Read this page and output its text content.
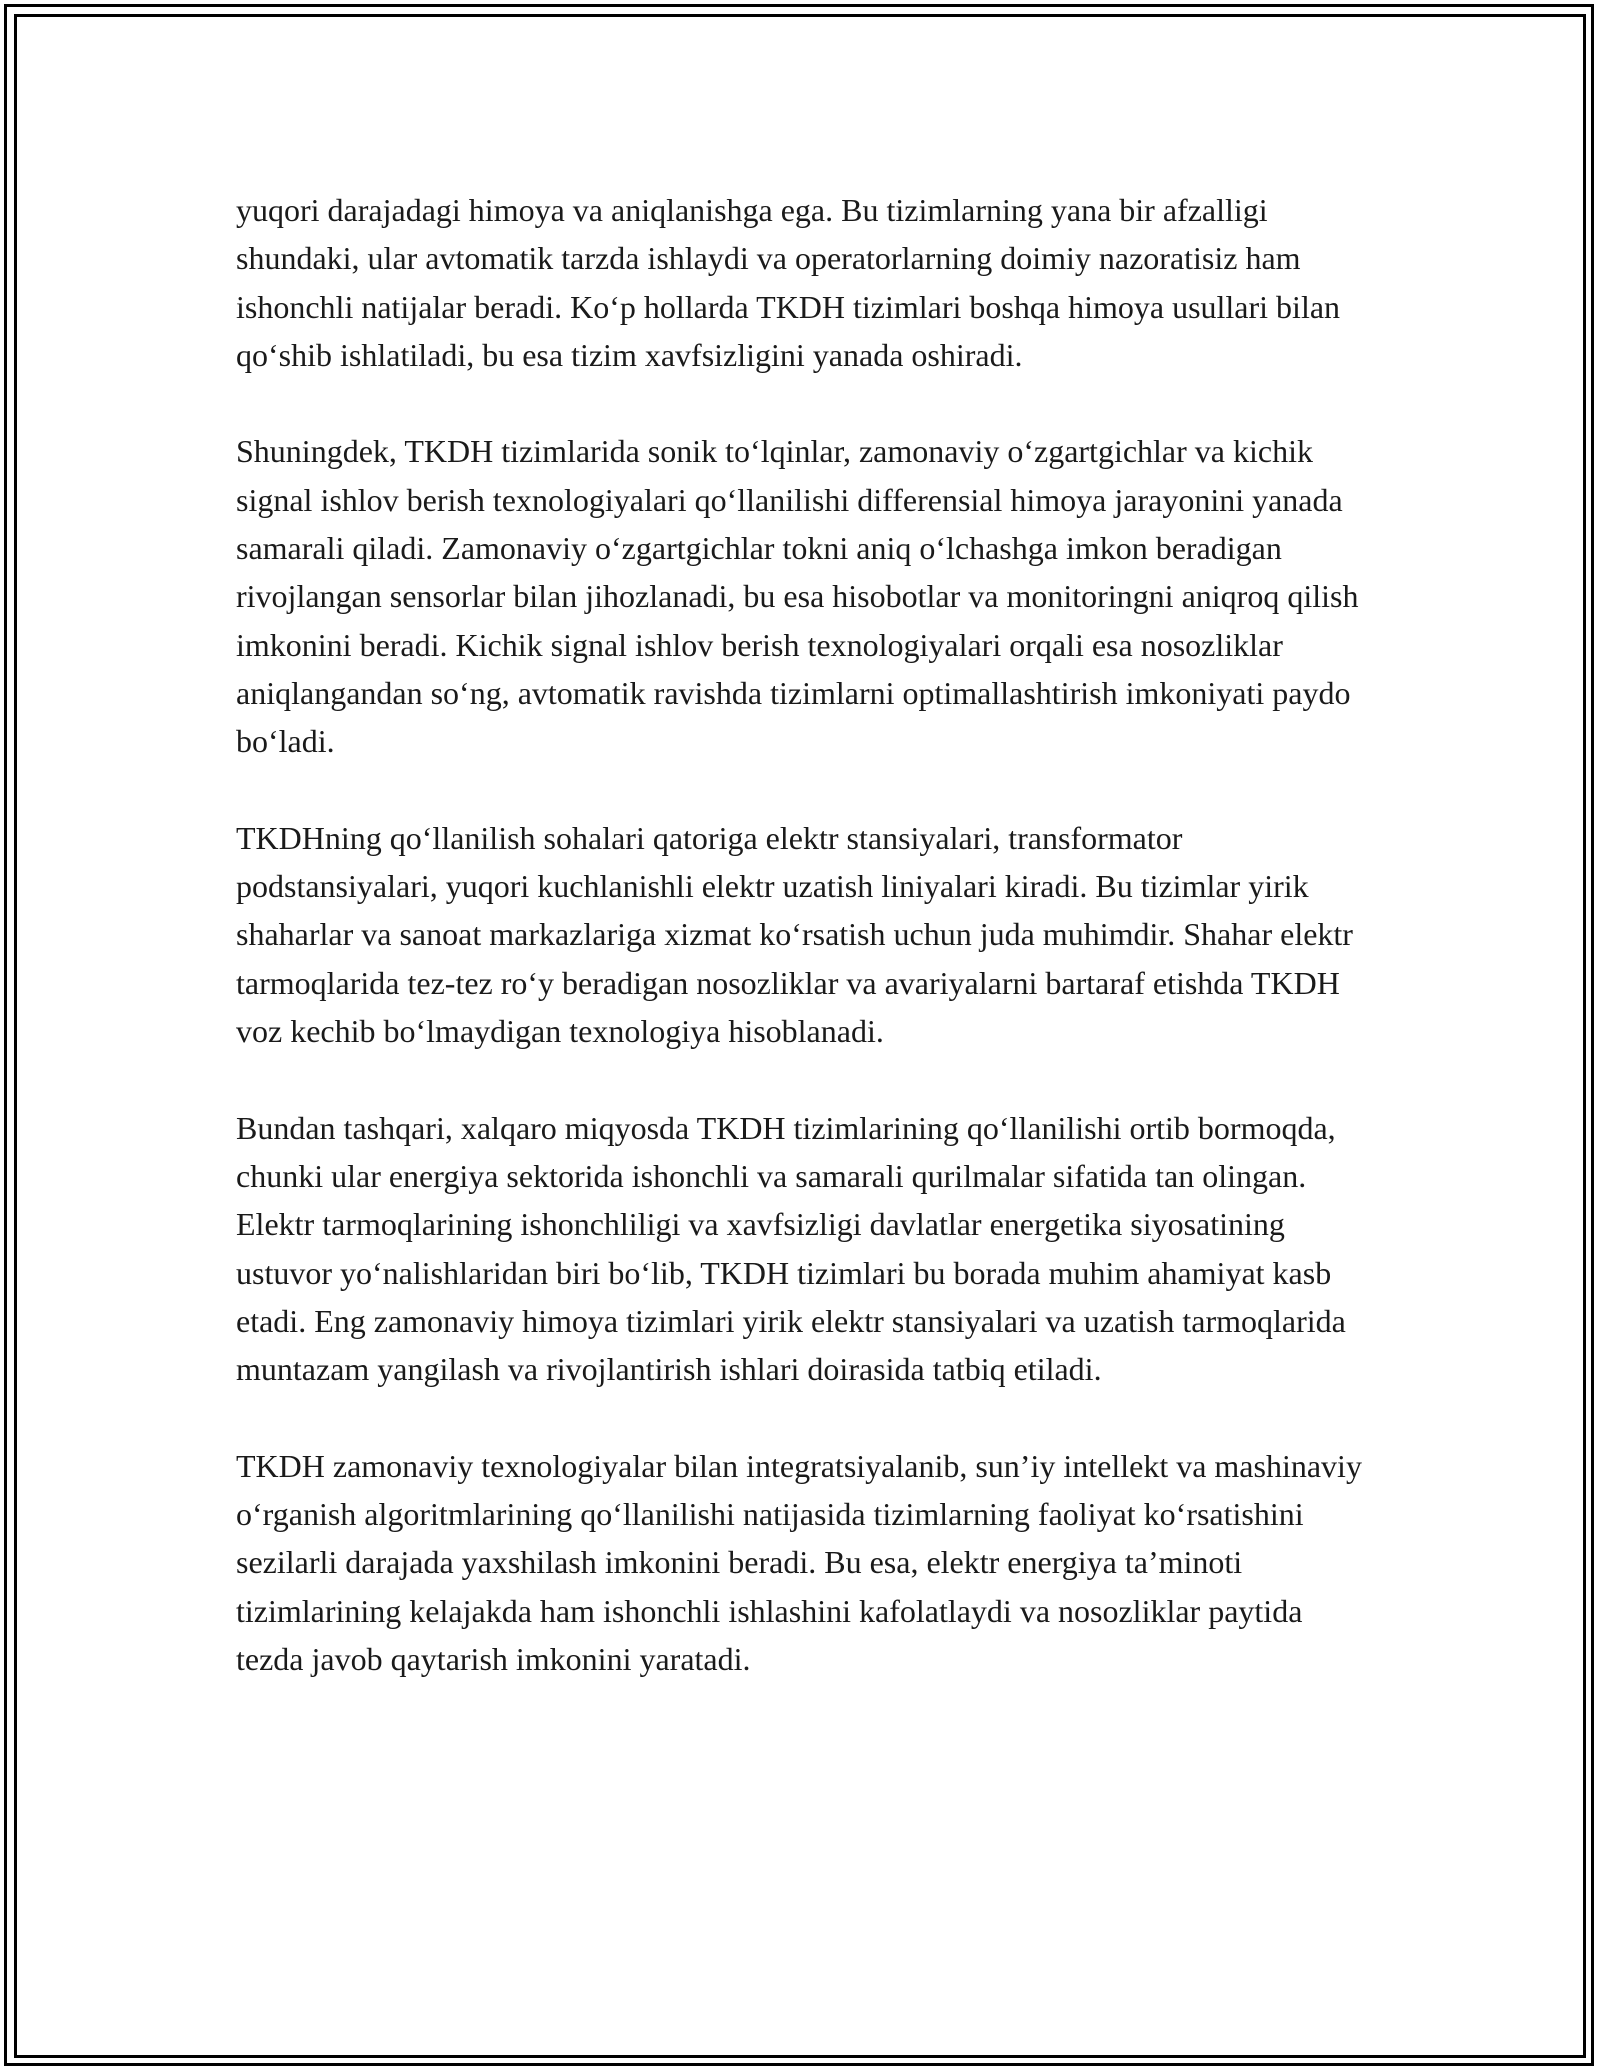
yuqori darajadagi himoya va aniqlanishga ega. Bu tizimlarning yana bir afzalligi shundaki, ular avtomatik tarzda ishlaydi va operatorlarning doimiy nazoratisiz ham ishonchli natijalar beradi. Ko‘p hollarda TKDH tizimlari boshqa himoya usullari bilan qo‘shib ishlatiladi, bu esa tizim xavfsizligini yanada oshiradi.

Shuningdek, TKDH tizimlarida sonik to‘lqinlar, zamonaviy o‘zgartgichlar va kichik signal ishlov berish texnologiyalari qo‘llanilishi differensial himoya jarayonini yanada samarali qiladi. Zamonaviy o‘zgartgichlar tokni aniq o‘lchashga imkon beradigan rivojlangan sensorlar bilan jihozlanadi, bu esa hisobotlar va monitoringni aniqroq qilish imkonini beradi. Kichik signal ishlov berish texnologiyalari orqali esa nosozliklar aniqlangandan so‘ng, avtomatik ravishda tizimlarni optimallashtirish imkoniyati paydo bo‘ladi.

TKDHning qo‘llanilish sohalari qatoriga elektr stansiyalari, transformator podstansiyalari, yuqori kuchlanishli elektr uzatish liniyalari kiradi. Bu tizimlar yirik shaharlar va sanoat markazlariga xizmat ko‘rsatish uchun juda muhimdir. Shahar elektr tarmoqlarida tez-tez ro‘y beradigan nosozliklar va avariyalarni bartaraf etishda TKDH voz kechib bo‘lmaydigan texnologiya hisoblanadi.

Bundan tashqari, xalqaro miqyosda TKDH tizimlarining qo‘llanilishi ortib bormoqda, chunki ular energiya sektorida ishonchli va samarali qurilmalar sifatida tan olingan. Elektr tarmoqlarining ishonchliligi va xavfsizligi davlatlar energetika siyosatining ustuvor yo‘nalishlaridan biri bo‘lib, TKDH tizimlari bu borada muhim ahamiyat kasb etadi. Eng zamonaviy himoya tizimlari yirik elektr stansiyalari va uzatish tarmoqlarida muntazam yangilash va rivojlantirish ishlari doirasida tatbiq etiladi.

TKDH zamonaviy texnologiyalar bilan integratsiyalanib, sun’iy intellekt va mashinaviy o‘rganish algoritmlarining qo‘llanilishi natijasida tizimlarning faoliyat ko‘rsatishini sezilarli darajada yaxshilash imkonini beradi. Bu esa, elektr energiya ta’minoti tizimlarining kelajakda ham ishonchli ishlashini kafolatlaydi va nosozliklar paytida tezda javob qaytarish imkonini yaratadi.
